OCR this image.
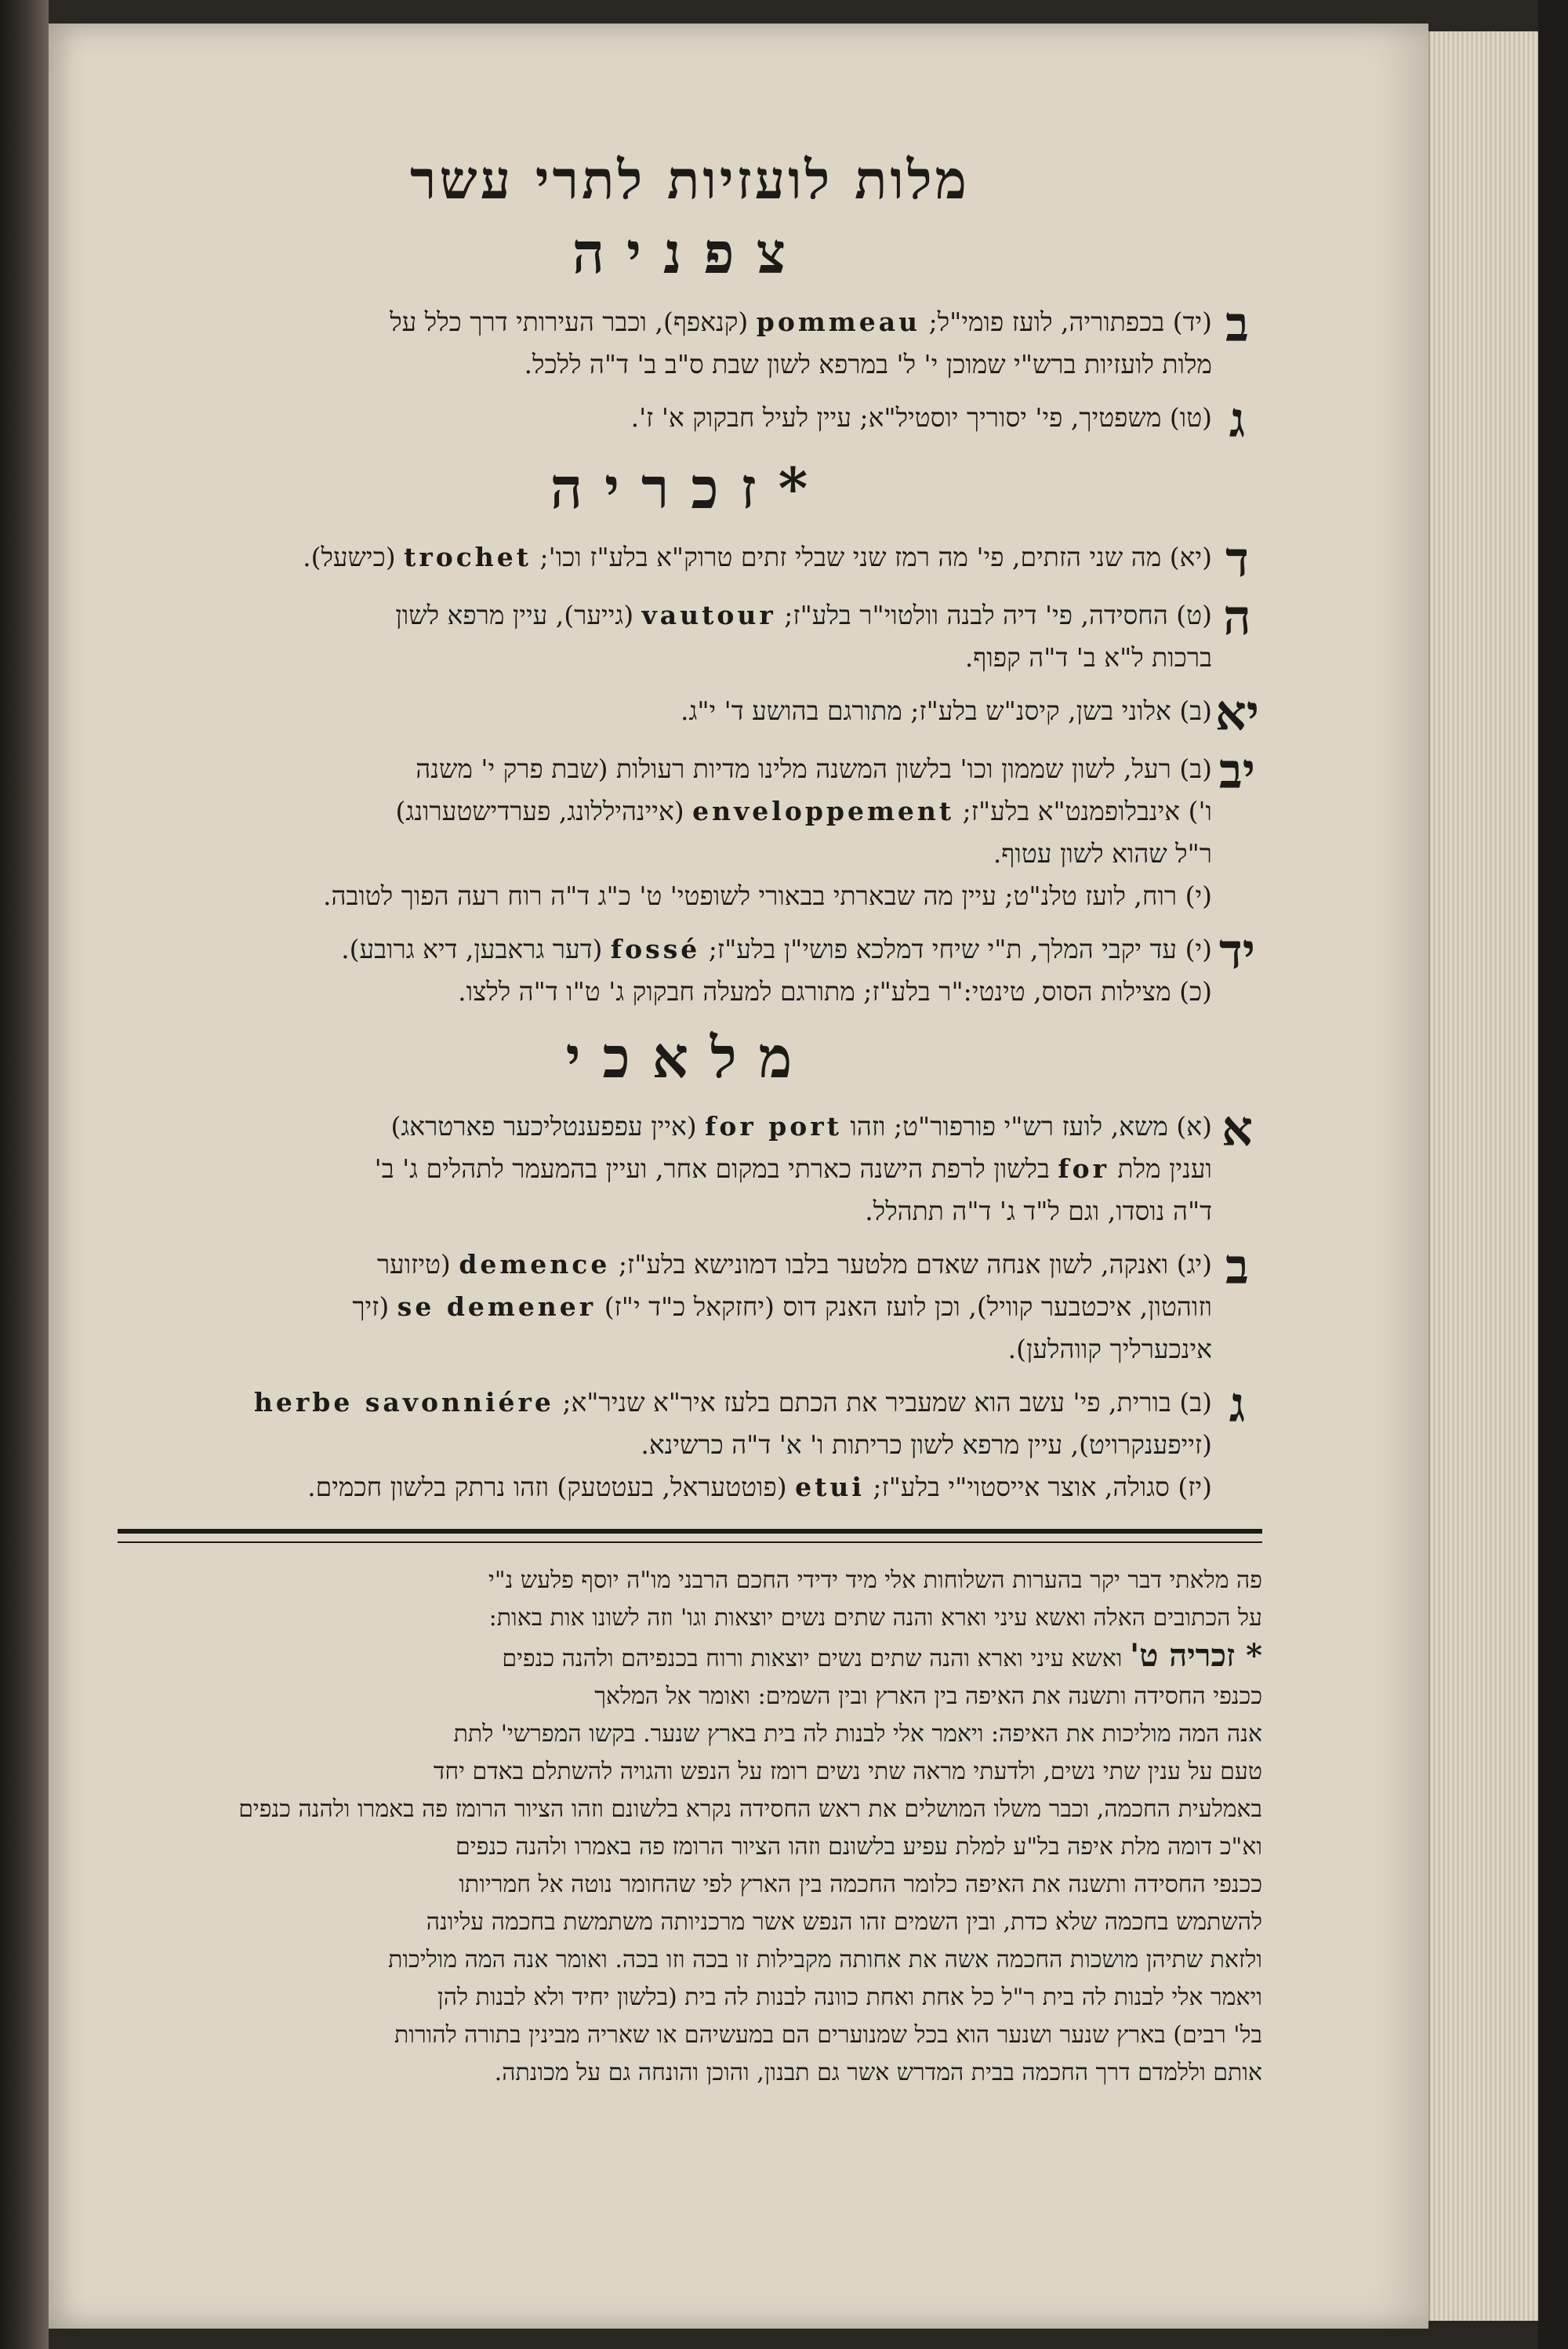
מלות לועזיות לתרי עשר
צפניה
ב
(יד) בכפתוריה, לועז פומי"ל; pommeau (קנאפף), וכבר העירותי דרך כלל על
מלות לועזיות ברש"י שמוכן י' ל' במרפא לשון שבת ס"ב ב' ד"ה ללכל.
ג
(טו) משפטיך, פי' יסוריך יוסטיל"א; עיין לעיל חבקוק א' ז'.
*זכריה
ד
(יא) מה שני הזתים, פי' מה רמז שני שבלי זתים טרוק"א בלע"ז וכו'; trochet (כישעל).
ה
(ט) החסידה, פי' דיה לבנה וולטוי"ר בלע"ז; vautour (גייער), עיין מרפא לשון
ברכות ל"א ב' ד"ה קפוף.
יא
(ב) אלוני בשן, קיסנ"ש בלע"ז; מתורגם בהושע ד' י"ג.
יב
(ב) רעל, לשון שממון וכו' בלשון המשנה מלינו מדיות רעולות (שבת פרק י' משנה
ו') אינבלופמנט"א בלע"ז; enveloppement (איינהיללונג, פערדישטערונג)
ר"ל שהוא לשון עטוף.
(י) רוח, לועז טלנ"ט; עיין מה שבארתי בבאורי לשופטי' ט' כ"ג ד"ה רוח רעה הפוך לטובה.
יד
(י) עד יקבי המלך, ת"י שיחי דמלכא פושי"ן בלע"ז; fossé (דער גראבען, דיא גרובע).
(כ) מצילות הסוס, טינטי:"ר בלע"ז; מתורגם למעלה חבקוק ג' ט"ו ד"ה ללצו.
מלאכי
א
(א) משא, לועז רש"י פורפור"ט; וזהו for port (איין עפפענטליכער פארטראג)
וענין מלת for בלשון לרפת הישנה כארתי במקום אחר, ועיין בהמעמר לתהלים ג' ב'
ד"ה נוסדו, וגם ל"ד ג' ד"ה תתהלל.
ב
(יג) ואנקה, לשון אנחה שאדם מלטער בלבו דמונישא בלע"ז; demence (טיזוער
וזוהטון, איכטבער קוויל), וכן לועז האנק דוס (יחזקאל כ"ד י"ז) se demener (זיך
אינכערליך קווהלען).
ג
(ב) בורית, פי' עשב הוא שמעביר את הכתם בלעז איר"א שניר"א; herbe savonniére
(זייפענקרויט), עיין מרפא לשון כריתות ו' א' ד"ה כרשינא.
(יז) סגולה, אוצר אייסטוי"י בלע"ז; etui (פוטטעראל, בעטטעק) וזהו נרתק בלשון חכמים.
פה מלאתי דבר יקר בהערות השלוחות אלי מיד ידידי החכם הרבני מו"ה יוסף פלעש נ"י
על הכתובים האלה ואשא עיני וארא והנה שתים נשים יוצאות וגו' וזה לשונו אות באות:
* זכריה ט' ואשא עיני וארא והנה שתים נשים יוצאות ורוח בכנפיהם ולהנה כנפים
ככנפי החסידה ותשנה את האיפה בין הארץ ובין השמים: ואומר אל המלאך
אנה המה מוליכות את האיפה: ויאמר אלי לבנות לה בית בארץ שנער. בקשו המפרשי' לתת
טעם על ענין שתי נשים, ולדעתי מראה שתי נשים רומז על הנפש והגויה להשתלם באדם יחד
באמלעית החכמה, וכבר משלו המושלים את ראש החסידה נקרא בלשונם וזהו הציור הרומז פה באמרו ולהנה כנפים
וא"כ דומה מלת איפה בל"ע למלת עפיע בלשונם וזהו הציור הרומז פה באמרו ולהנה כנפים
ככנפי החסידה ותשנה את האיפה כלומר החכמה בין הארץ לפי שהחומר נוטה אל חמריותו
להשתמש בחכמה שלא כדת, ובין השמים זהו הנפש אשר מרכניותה משתמשת בחכמה עליונה
ולזאת שתיהן מושכות החכמה אשה את אחותה מקבילות זו בכה וזו בכה. ואומר אנה המה מוליכות
ויאמר אלי לבנות לה בית ר"ל כל אחת ואחת כוונה לבנות לה בית (בלשון יחיד ולא לבנות להן
בל' רבים) בארץ שנער ושנער הוא בכל שמנוערים הם במעשיהם או שאריה מבינין בתורה להורות
אותם וללמדם דרך החכמה בבית המדרש אשר גם תבנון, והוכן והונחה גם על מכונתה.
